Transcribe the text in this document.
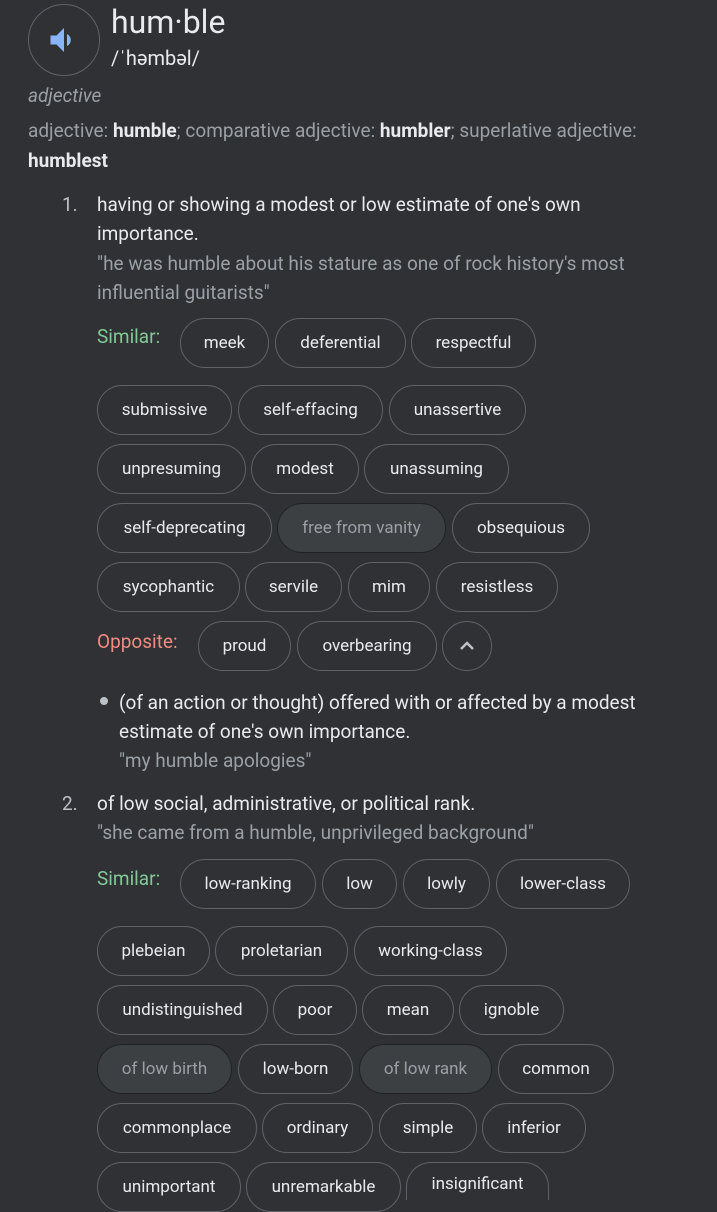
hum·ble
/ˈhəmbəl/
adjective
adjective: humble; comparative adjective: humbler; superlative adjective: humblest
1. having or showing a modest or low estimate of one's own importance.
"he was humble about his stature as one of rock history's most influential guitarists"
Similar:	meek	deferential	respectful
submissive	self-effacing	unassertive
unpresuming	modest	unassuming
self-deprecating	free from vanity	obsequious
sycophantic	servile	mim	resistless
Opposite:	proud	overbearing
(of an action or thought) offered with or affected by a modest estimate of one's own importance.
"my humble apologies"
2. of low social, administrative, or political rank.
"she came from a humble, unprivileged background"
Similar:	low-ranking	low	lowly	lower-class
plebeian	proletarian	working-class
undistinguished	poor	mean	ignoble
of low birth	low-born	of low rank	common
commonplace	ordinary	simple	inferior
unimportant	unremarkable	insignificant
